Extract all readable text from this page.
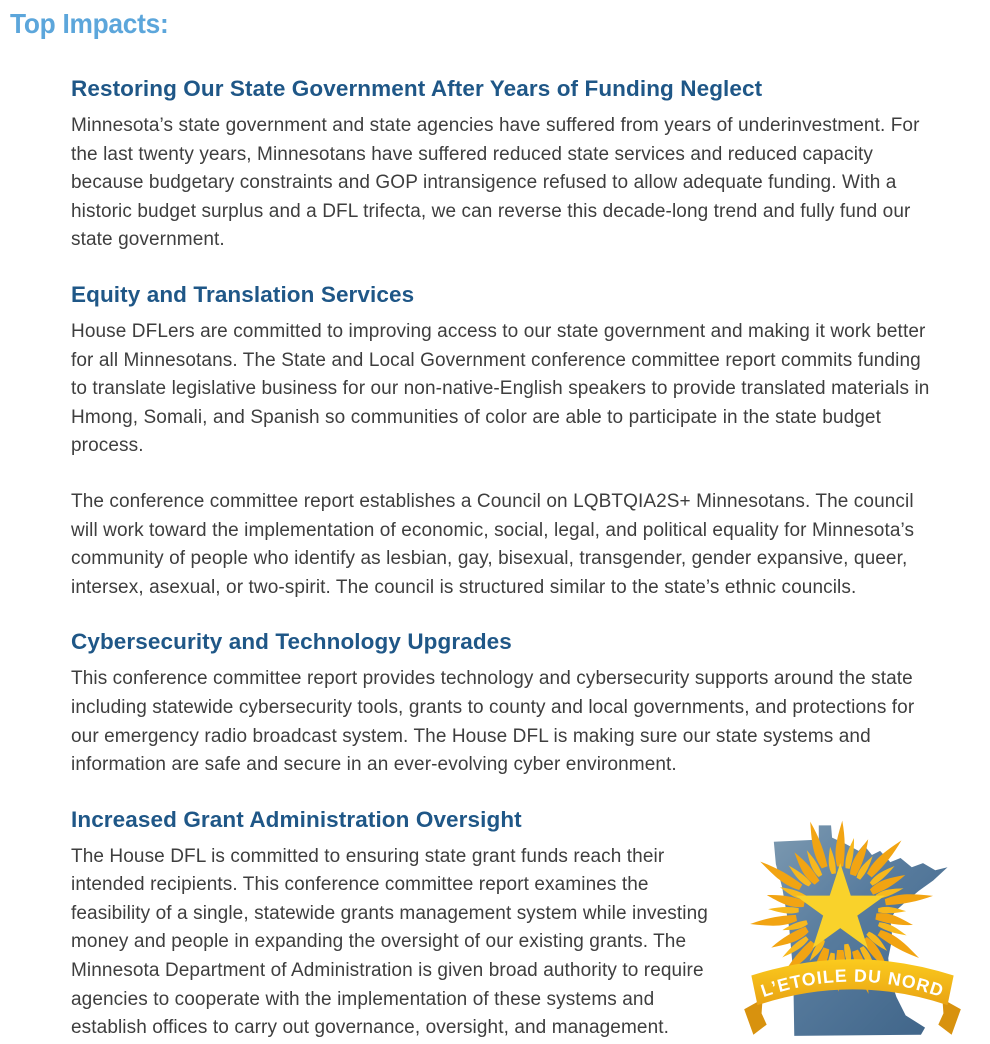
Top Impacts:
Restoring Our State Government After Years of Funding Neglect

Minnesota’s state government and state agencies have suffered from years of underinvestment. For the last twenty years, Minnesotans have suffered reduced state services and reduced capacity because budgetary constraints and GOP intransigence refused to allow adequate funding. With a historic budget surplus and a DFL trifecta, we can reverse this decade-long trend and fully fund our state government.

Equity and Translation Services

House DFLers are committed to improving access to our state government and making it work better for all Minnesotans. The State and Local Government conference committee report commits funding to translate legislative business for our non-native-English speakers to provide translated materials in Hmong, Somali, and Spanish so communities of color are able to participate in the state budget process.

The conference committee report establishes a Council on LQBTQIA2S+ Minnesotans. The council will work toward the implementation of economic, social, legal, and political equality for Minnesota’s community of people who identify as lesbian, gay, bisexual, transgender, gender expansive, queer, intersex, asexual, or two-spirit. The council is structured similar to the state’s ethnic councils.

Cybersecurity and Technology Upgrades

This conference committee report provides technology and cybersecurity supports around the state including statewide cybersecurity tools, grants to county and local governments, and protections for our emergency radio broadcast system. The House DFL is making sure our state systems and information are safe and secure in an ever-evolving cyber environment.

Increased Grant Administration Oversight

The House DFL is committed to ensuring state grant funds reach their intended recipients. This conference committee report examines the feasibility of a single, statewide grants management system while investing money and people in expanding the oversight of our existing grants. The Minnesota Department of Administration is given broad authority to require agencies to cooperate with the implementation of these systems and establish offices to carry out governance, oversight, and management.

L’ETOILE DU NORD
